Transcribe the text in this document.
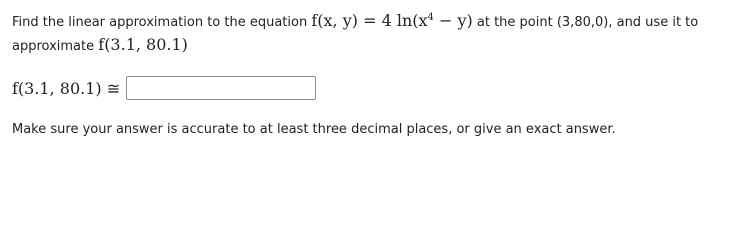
Find the linear approximation to the equation f(x, y) = 4 $\ln(x^4 - y)$ at the point (3,80,0), and use it to
approximate f(3.1, 80.1)
f(3.1, 80.1) ≅
Make sure your answer is accurate to at least three decimal places, or give an exact answer.
